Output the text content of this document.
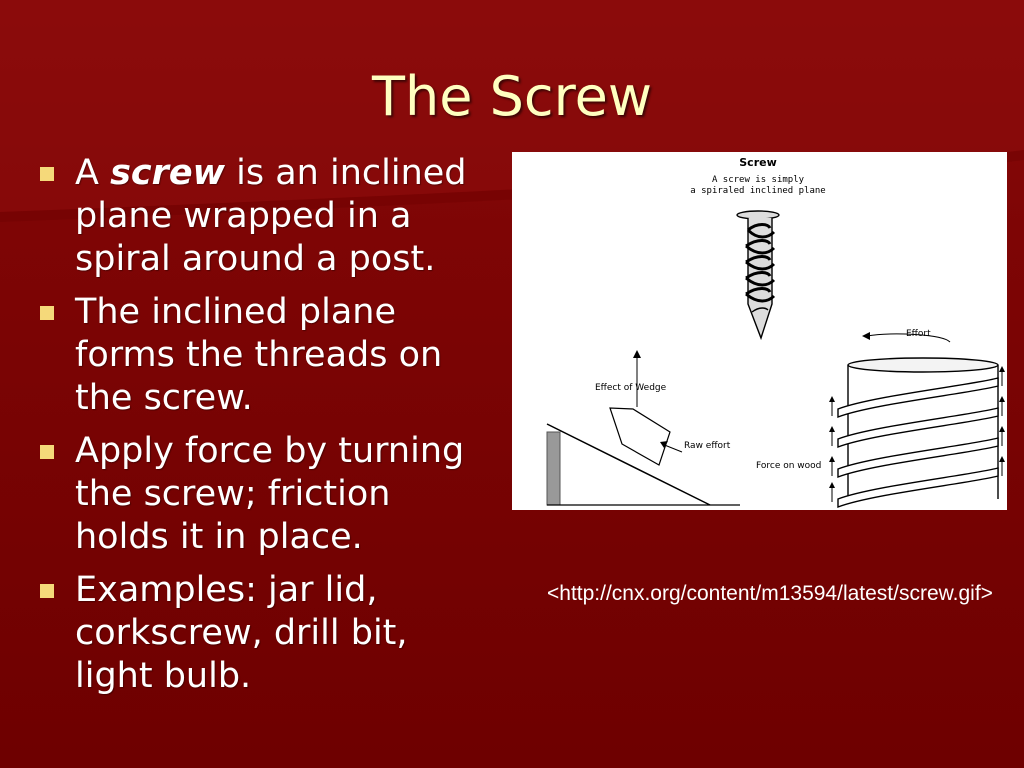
The Screw
A screw is an inclined plane wrapped in a spiral around a post.
The inclined plane forms the threads on the screw.
Apply force by turning the screw; friction holds it in place.
Examples: jar lid, corkscrew, drill bit, light bulb.
Screw
A screw is simply
a spiraled inclined plane
Effect of Wedge
Raw effort
Effort
Force on wood
<http://cnx.org/content/m13594/latest/screw.gif>
